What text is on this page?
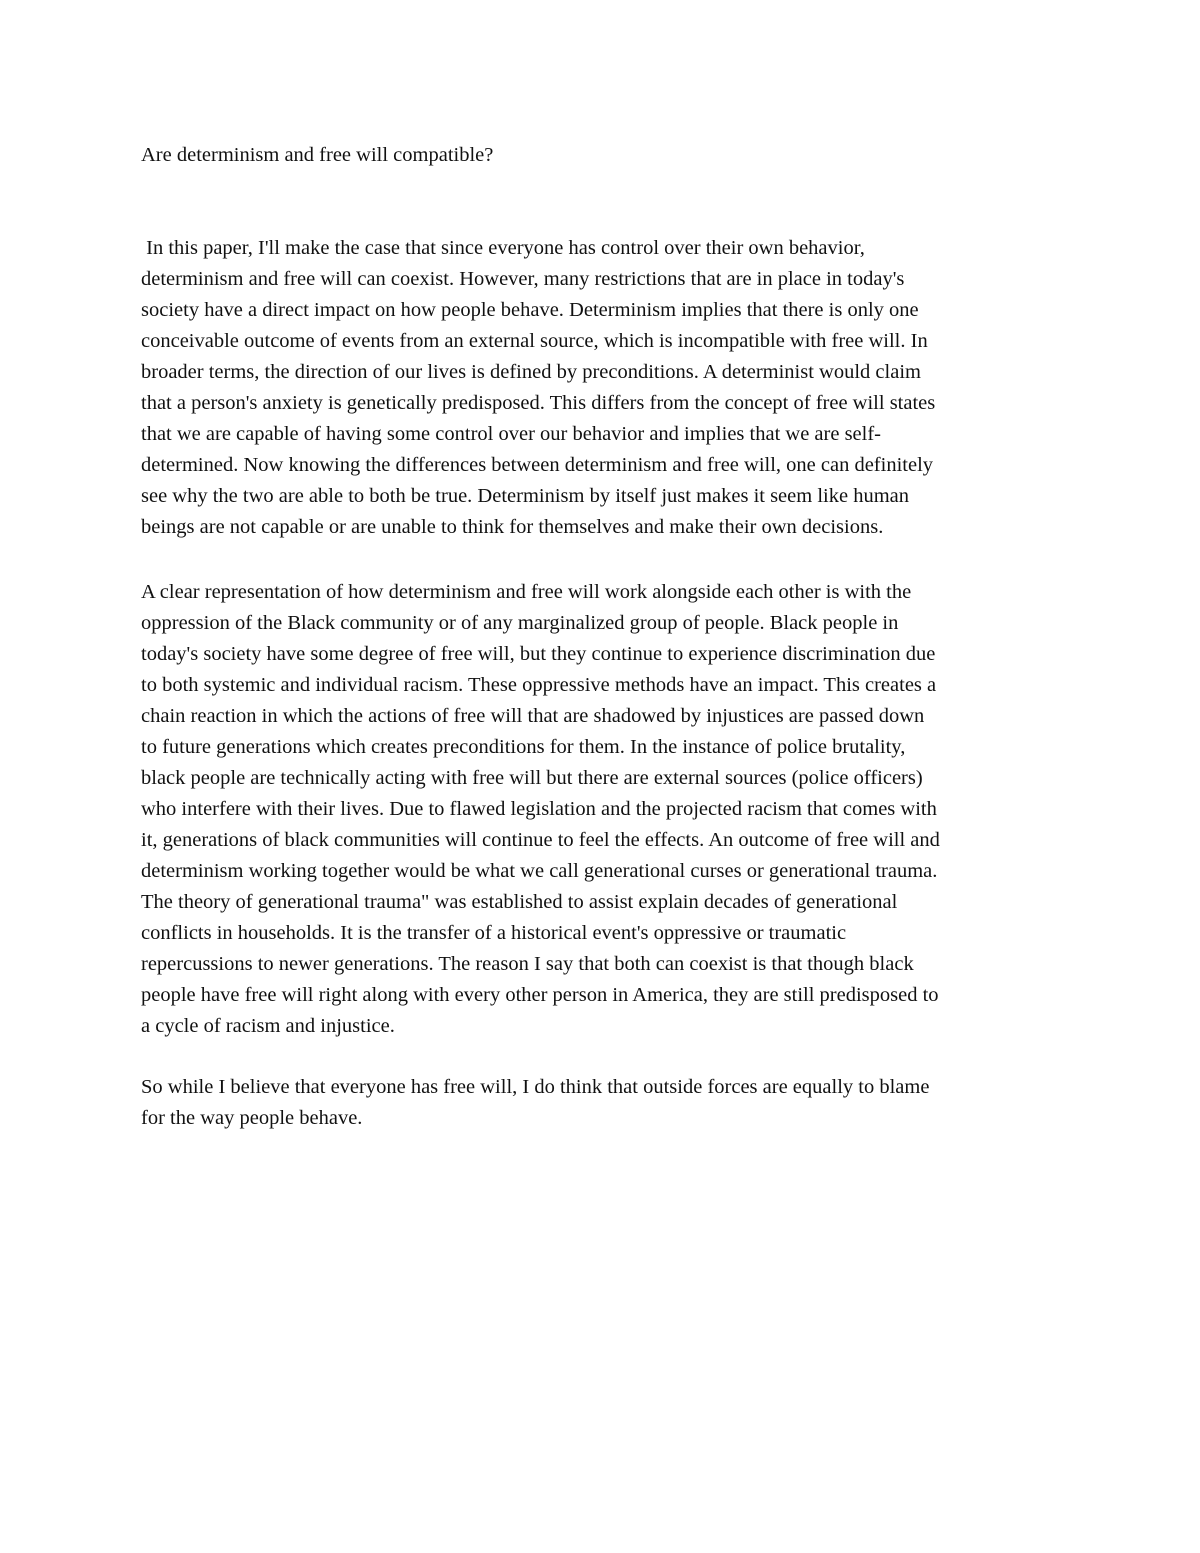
Are determinism and free will compatible?

In this paper, I'll make the case that since everyone has control over their own behavior,
determinism and free will can coexist. However, many restrictions that are in place in today's
society have a direct impact on how people behave. Determinism implies that there is only one
conceivable outcome of events from an external source, which is incompatible with free will. In
broader terms, the direction of our lives is defined by preconditions. A determinist would claim
that a person's anxiety is genetically predisposed. This differs from the concept of free will states
that we are capable of having some control over our behavior and implies that we are self-
determined. Now knowing the differences between determinism and free will, one can definitely
see why the two are able to both be true. Determinism by itself just makes it seem like human
beings are not capable or are unable to think for themselves and make their own decisions.

A clear representation of how determinism and free will work alongside each other is with the
oppression of the Black community or of any marginalized group of people. Black people in
today's society have some degree of free will, but they continue to experience discrimination due
to both systemic and individual racism. These oppressive methods have an impact. This creates a
chain reaction in which the actions of free will that are shadowed by injustices are passed down
to future generations which creates preconditions for them. In the instance of police brutality,
black people are technically acting with free will but there are external sources (police officers)
who interfere with their lives. Due to flawed legislation and the projected racism that comes with
it, generations of black communities will continue to feel the effects. An outcome of free will and
determinism working together would be what we call generational curses or generational trauma.
The theory of generational trauma" was established to assist explain decades of generational
conflicts in households. It is the transfer of a historical event's oppressive or traumatic
repercussions to newer generations. The reason I say that both can coexist is that though black
people have free will right along with every other person in America, they are still predisposed to
a cycle of racism and injustice.

So while I believe that everyone has free will, I do think that outside forces are equally to blame
for the way people behave.
